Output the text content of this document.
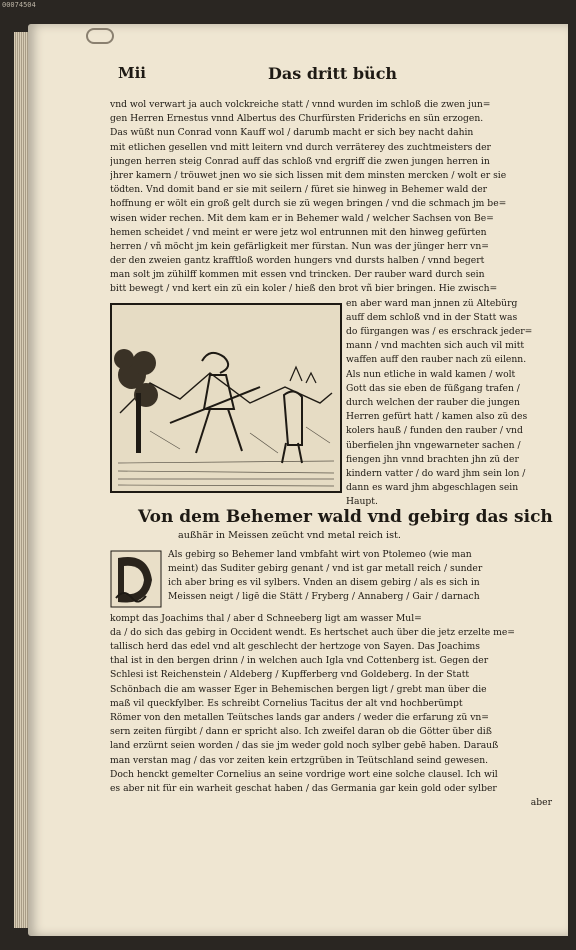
00074504
Mii	Das dritt büch
vnd wol verwart ja auch volckreiche statt / vnnd wurden im schloß die zwen jun=
gen Herren Ernestus vnnd Albertus des Churfürsten Friderichs en sün erzogen.
Das wüßt nun Conrad vonn Kauff wol / darumb macht er sich bey nacht dahin
mit etlichen gesellen vnd mitt leitern vnd durch verräterey des zuchtmeisters der
jungen herren steig Conrad auff das schloß vnd ergriff die zwen jungen herren in
jhrer kamern / tröuwet jnen wo sie sich lissen mit dem minsten mercken / wolt er sie
tödten. Vnd domit band er sie mit seilern / füret sie hinweg in Behemer wald der
hoffnung er wölt ein groß gelt durch sie zü wegen bringen / vnd die schmach jm be=
wisen wider rechen. Mit dem kam er in Behemer wald / welcher Sachsen von Be=
hemen scheidet / vnd meint er were jetz wol entrunnen mit den hinweg gefürten
herren / vñ möcht jm kein gefärligkeit mer fürstan. Nun was der jünger herr vn=
der den zweien gantz krafftloß worden hungers vnd dursts halben / vnnd begert
man solt jm zühilff kommen mit essen vnd trincken. Der rauber ward durch sein
bitt bewegt / vnd kert ein zü ein koler / hieß den brot vñ bier bringen. Hie zwisch=
en aber ward man jnnen zü Altebürg
auff dem schloß vnd in der Statt was
do fürgangen was / es erschrack jeder=
mann / vnd machten sich auch vil mitt
waffen auff den rauber nach zü eilenn.
Als nun etliche in wald kamen / wolt
Gott das sie eben de füßgang trafen /
durch welchen der rauber die jungen
Herren gefürt hatt / kamen also zü des
kolers hauß / funden den rauber / vnd
überfielen jhn vngewarneter sachen /
fiengen jhn vnnd brachten jhn zü der
kindern vatter / do ward jhm sein lon /
dann es ward jhm abgeschlagen sein
Haupt.
Von dem Behemer wald vnd gebirg das sich
außhär in Meissen zeücht vnd metal reich ist.
Als gebirg so Behemer land vmbfaht wirt von Ptolemeo (wie man
meint) das Suditer gebirg genant / vnd ist gar metall reich / sunder
ich aber bring es vil sylbers. Vnden an disem gebirg / als es sich in
Meissen neigt / ligē die Stätt / Fryberg / Annaberg / Gair / darnach
kompt das Joachims thal / aber d Schneeberg ligt am wasser Mul=
da / do sich das gebirg in Occident wendt. Es hertschet auch über die jetz erzelte me=
tallisch herd das edel vnd alt geschlecht der hertzoge von Sayen. Das Joachims
thal ist in den bergen drinn / in welchen auch Igla vnd Cottenberg ist. Gegen der
Schlesi ist Reichenstein / Aldeberg / Kupfferberg vnd Goldeberg. In der Statt
Schönbach die am wasser Eger in Behemischen bergen ligt / grebt man über die
maß vil queckfylber. Es schreibt Cornelius Tacitus der alt vnd hochberümpt
Römer von den metallen Teütsches lands gar anders / weder die erfarung zü vn=
sern zeiten fürgibt / dann er spricht also. Ich zweifel daran ob die Götter über diß
land erzürnt seien worden / das sie jm weder gold noch sylber gebē haben. Darauß
man verstan mag / das vor zeiten kein ertzgrüben in Teütschland seind gewesen.
Doch henckt gemelter Cornelius an seine vordrige wort eine solche clausel. Ich wil
es aber nit für ein warheit geschat haben / das Germania gar kein gold oder sylber
aber
